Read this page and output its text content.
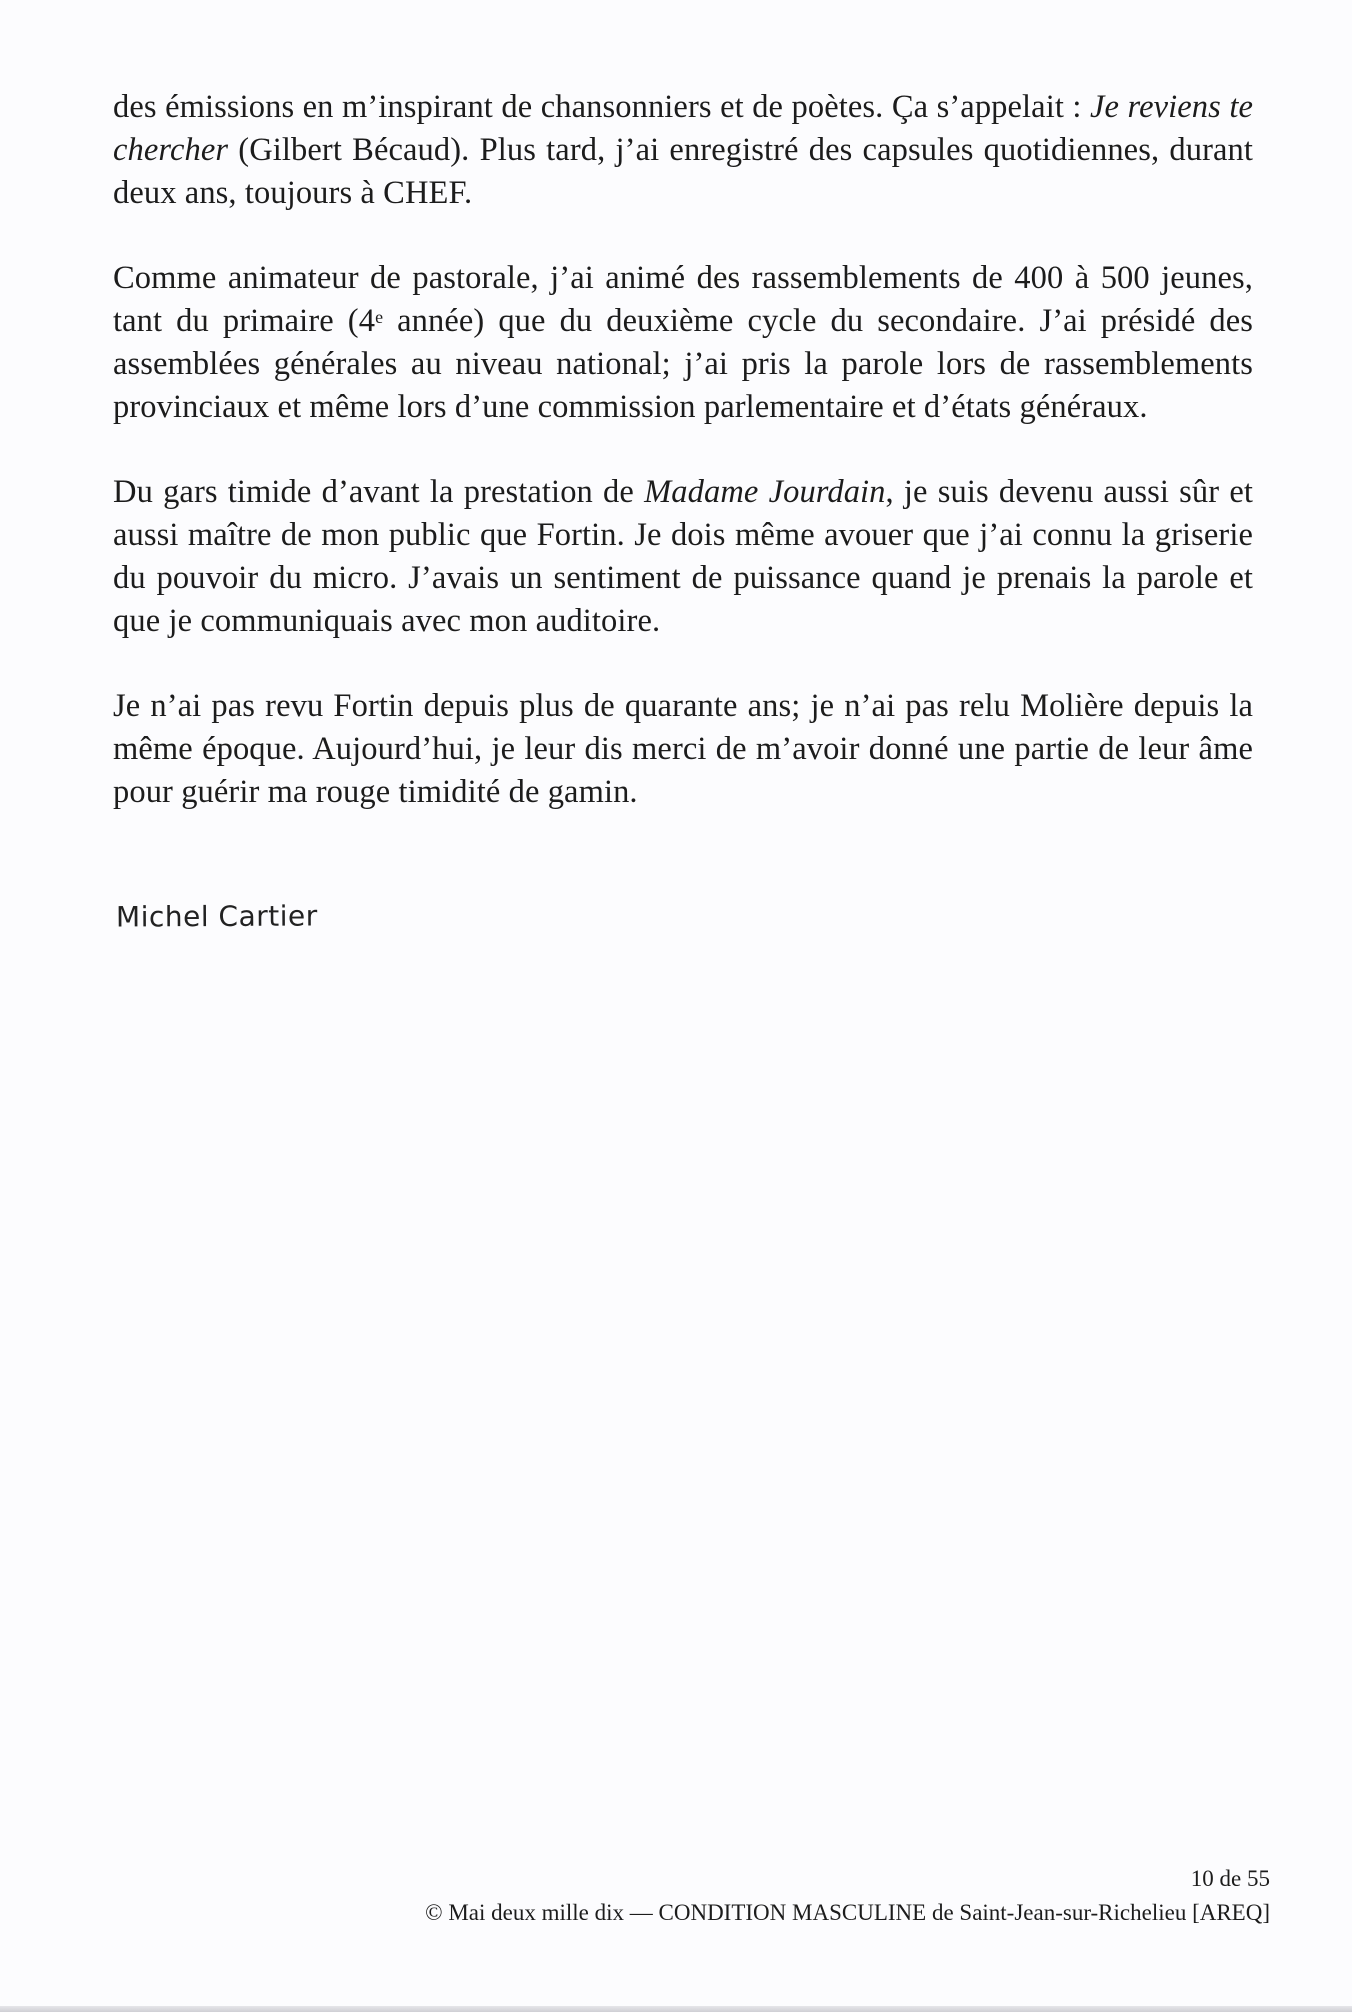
des émissions en m’inspirant de chansonniers et de poètes. Ça s’appelait : Je reviens te chercher (Gilbert Bécaud). Plus tard, j’ai enregistré des capsules quotidiennes, durant deux ans, toujours à CHEF.

Comme animateur de pastorale, j’ai animé des rassemblements de 400 à 500 jeunes, tant du primaire (4e année) que du deuxième cycle du secondaire. J’ai présidé des assemblées générales au niveau national; j’ai pris la parole lors de rassemblements provinciaux et même lors d’une commission parlementaire et d’états généraux.

Du gars timide d’avant la prestation de Madame Jourdain, je suis devenu aussi sûr et aussi maître de mon public que Fortin. Je dois même avouer que j’ai connu la griserie du pouvoir du micro. J’avais un sentiment de puissance quand je prenais la parole et que je communiquais avec mon auditoire.

Je n’ai pas revu Fortin depuis plus de quarante ans; je n’ai pas relu Molière depuis la même époque. Aujourd’hui, je leur dis merci de m’avoir donné une partie de leur âme pour guérir ma rouge timidité de gamin.

Michel Cartier
10 de 55
© Mai deux mille dix — CONDITION MASCULINE de Saint-Jean-sur-Richelieu [AREQ]
